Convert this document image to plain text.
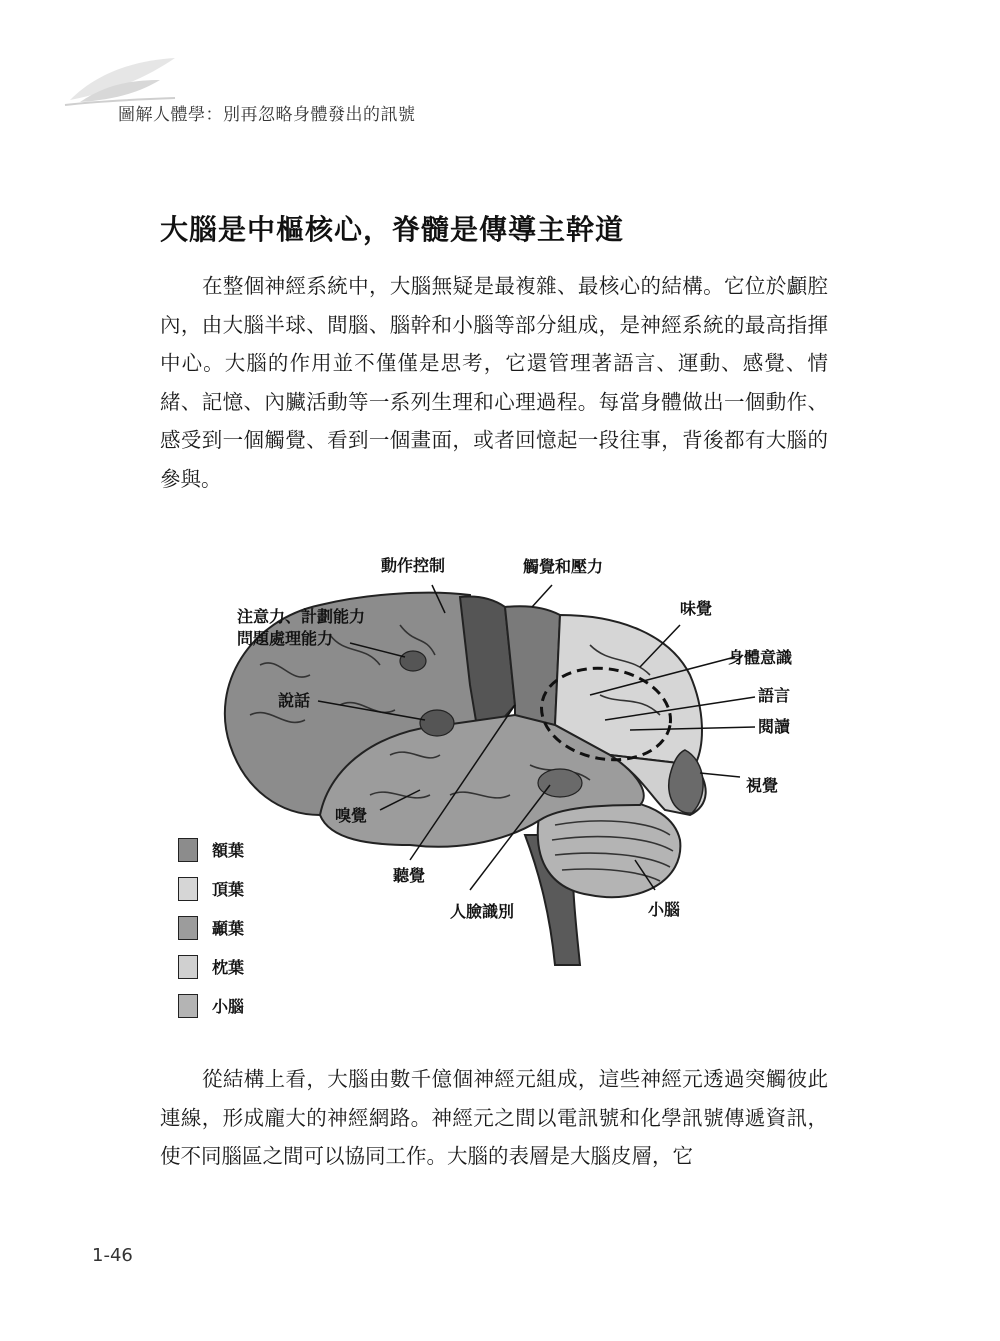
圖解人體學：別再忽略身體發出的訊號
大腦是中樞核心，脊髓是傳導主幹道
在整個神經系統中，大腦無疑是最複雜、最核心的結構。它位於顱腔內，由大腦半球、間腦、腦幹和小腦等部分組成，是神經系統的最高指揮中心。大腦的作用並不僅僅是思考，它還管理著語言、運動、感覺、情緒、記憶、內臟活動等一系列生理和心理過程。每當身體做出一個動作、感受到一個觸覺、看到一個畫面，或者回憶起一段往事，背後都有大腦的參與。
動作控制	觸覺和壓力
注意力、計劃能力
問題處理能力
味覺
身體意識
說話	語言
閱讀
視覺
嗅覺
聽覺
人臉識別	小腦
額葉
頂葉
顳葉
枕葉
小腦
從結構上看，大腦由數千億個神經元組成，這些神經元透過突觸彼此連線，形成龐大的神經網路。神經元之間以電訊號和化學訊號傳遞資訊，使不同腦區之間可以協同工作。大腦的表層是大腦皮層，它
1-46
